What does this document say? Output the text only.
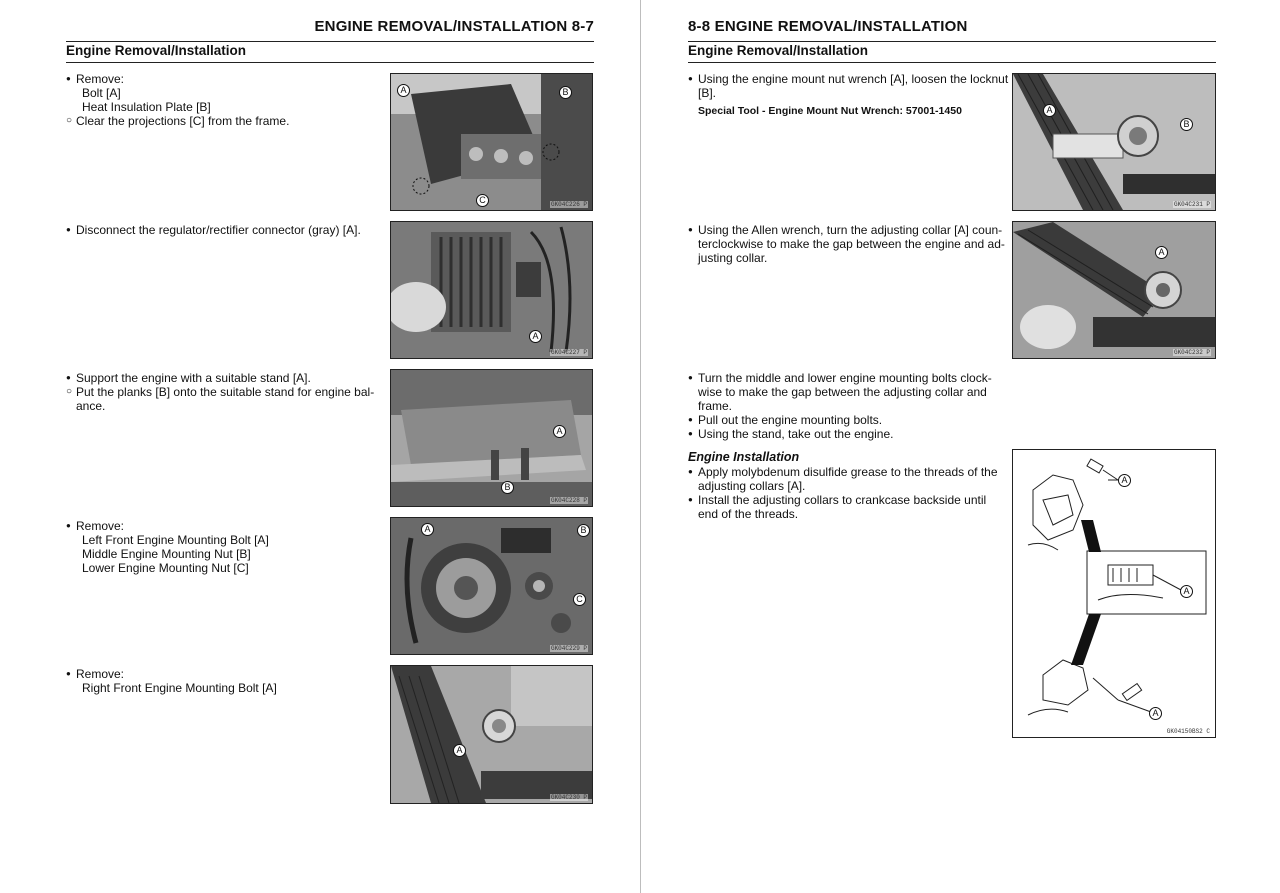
ENGINE REMOVAL/INSTALLATION 8-7
Engine Removal/Installation
● Remove:
Bolt [A]
Heat Insulation Plate [B]
○ Clear the projections [C] from the frame.
A	B
C	GK04C226 P
● Disconnect the regulator/rectifier connector (gray) [A].
A
GK04C227 P
● Support the engine with a suitable stand [A].
○ Put the planks [B] onto the suitable stand for engine bal-
ance.
A
B
GK04C228 P
● Remove:
Left Front Engine Mounting Bolt [A]
Middle Engine Mounting Nut [B]
Lower Engine Mounting Nut [C]
A	B
C
GK04C229 P
● Remove:
Right Front Engine Mounting Bolt [A]
A
GK04C230 P
8-8 ENGINE REMOVAL/INSTALLATION
Engine Removal/Installation
● Using the engine mount nut wrench [A], loosen the locknut
[B].
Special Tool - Engine Mount Nut Wrench: 57001-1450	A
B
GK04C231 P
● Using the Allen wrench, turn the adjusting collar [A] coun-
terclockwise to make the gap between the engine and ad-
justing collar.	A
GK04C232 P
● Turn the middle and lower engine mounting bolts clock-
wise to make the gap between the adjusting collar and
frame.
● Pull out the engine mounting bolts.
● Using the stand, take out the engine.
Engine Installation
● Apply molybdenum disulfide grease to the threads of the
adjusting collars [A].
● Install the adjusting collars to crankcase backside until
end of the threads.
A
A
A
GK04150BS2 C
